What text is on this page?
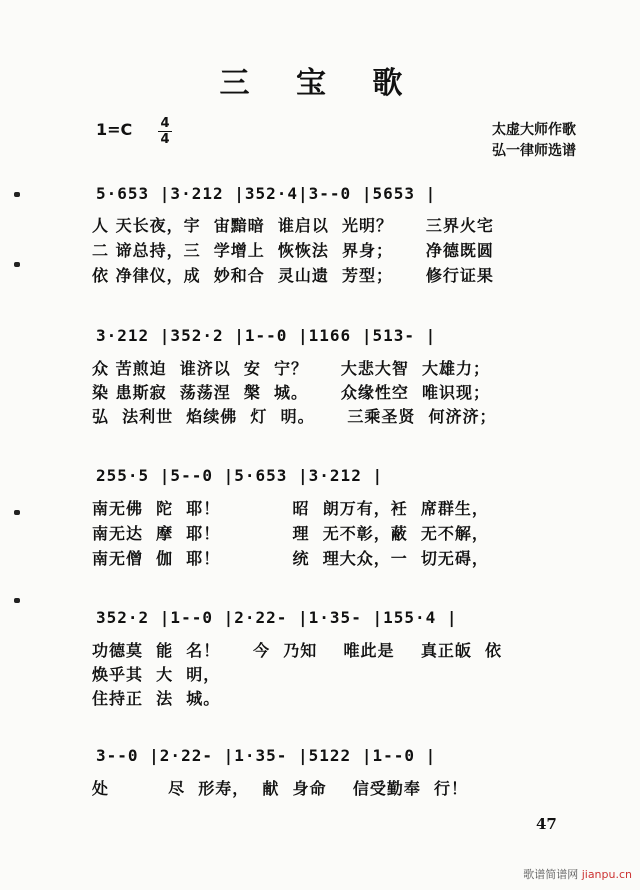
三 宝 歌
1=C 4
4
太虚大师作歌
弘一律师选谱
5·653 |3·212 |352·4|3--0 |5653 |
人 天长夜，宇  宙黯暗  谁启以  光明？     三界火宅
二 谛总持，三  学增上  恢恢法  界身；     净德既圆
依 净律仪，成  妙和合  灵山遗  芳型；     修行证果
3·212 |352·2 |1--0 |1166 |513- |
众 苦煎迫  谁济以  安  宁？     大悲大智  大雄力；
染 患斯寂  荡荡涅  槃  城。     众缘性空  唯识现；
弘  法利世  焰续佛  灯  明。     三乘圣贤  何济济；
255·5 |5--0 |5·653 |3·212 |
南无佛  陀  耶！           昭  朗万有，衽  席群生，
南无达  摩  耶！           理  无不彰，蔽  无不解，
南无僧  伽  耶！           统  理大众，一  切无碍，
352·2 |1--0 |2·22- |1·35- |155·4 |
功德莫  能  名！     今  乃知    唯此是    真正皈  依
焕乎其  大  明，
住持正  法  城。
3--0 |2·22- |1·35- |5122 |1--0 |
处         尽  形寿，  献  身命    信受勤奉  行！
47
歌谱简谱网 jianpu.cn
